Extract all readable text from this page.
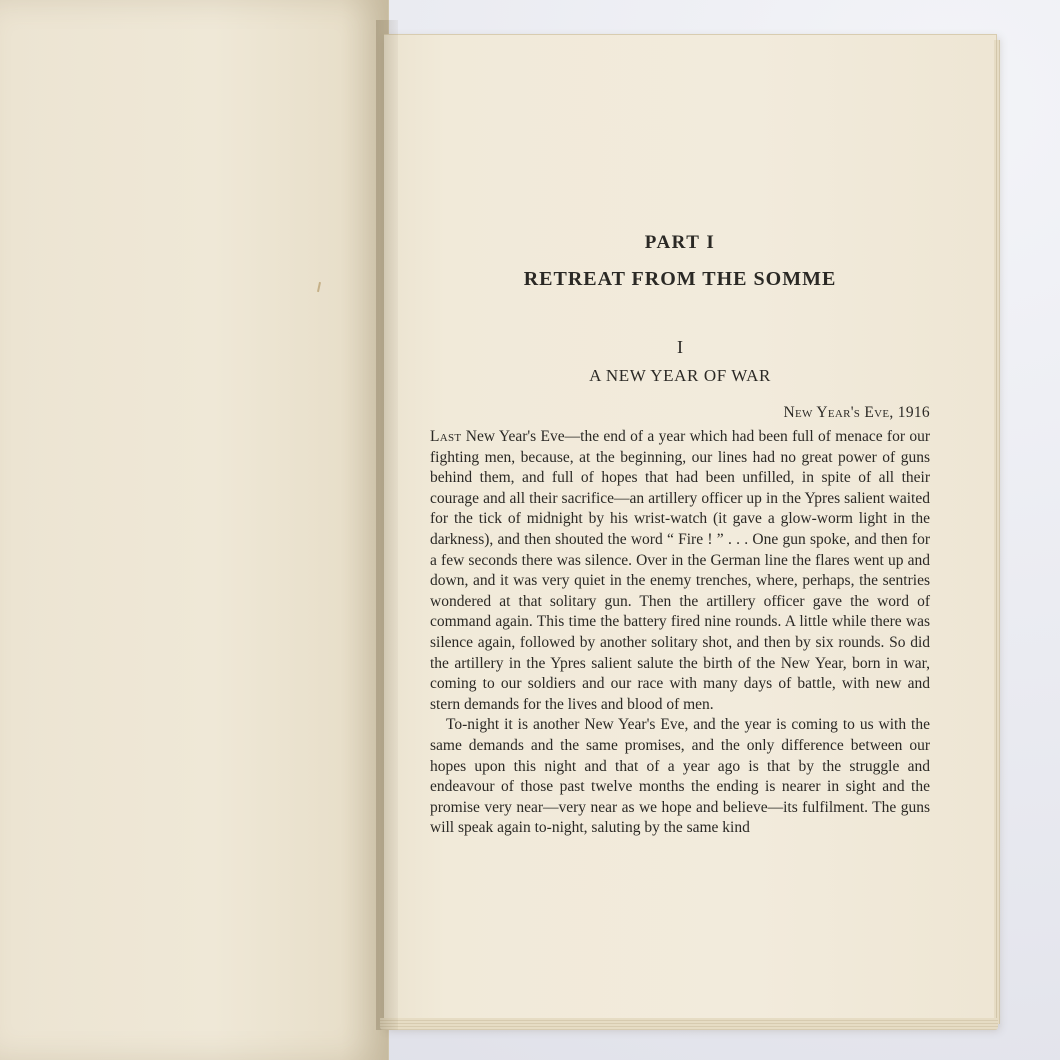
PART I
RETREAT FROM THE SOMME
I
A NEW YEAR OF WAR
New Year's Eve, 1916

Last New Year's Eve—the end of a year which had been full of menace for our fighting men, because, at the beginning, our lines had no great power of guns behind them, and full of hopes that had been unfilled, in spite of all their courage and all their sacrifice—an artillery officer up in the Ypres salient waited for the tick of midnight by his wrist-watch (it gave a glow-worm light in the darkness), and then shouted the word “ Fire ! ” . . . One gun spoke, and then for a few seconds there was silence. Over in the German line the flares went up and down, and it was very quiet in the enemy trenches, where, perhaps, the sentries wondered at that solitary gun. Then the artillery officer gave the word of command again. This time the battery fired nine rounds. A little while there was silence again, followed by another solitary shot, and then by six rounds. So did the artillery in the Ypres salient salute the birth of the New Year, born in war, coming to our soldiers and our race with many days of battle, with new and stern demands for the lives and blood of men.

To-night it is another New Year's Eve, and the year is coming to us with the same demands and the same promises, and the only difference between our hopes upon this night and that of a year ago is that by the struggle and endeavour of those past twelve months the ending is nearer in sight and the promise very near—very near as we hope and believe—its fulfilment. The guns will speak again to-night, saluting by the same kind
